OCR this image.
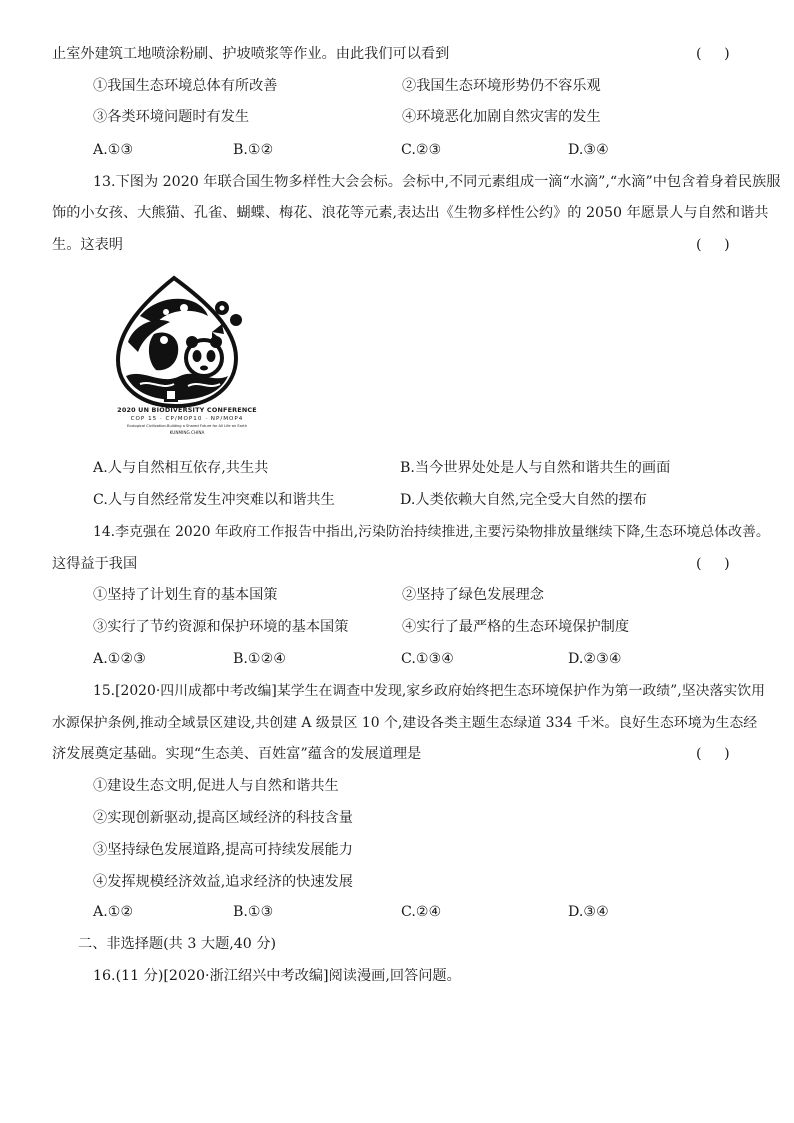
止室外建筑工地喷涂粉刷、护坡喷浆等作业。由此我们可以看到	(     )
①我国生态环境总体有所改善	②我国生态环境形势仍不容乐观
③各类环境问题时有发生	④环境恶化加剧自然灾害的发生
A.①③	B.①②	C.②③	D.③④
13.下图为 2020 年联合国生物多样性大会会标。会标中,不同元素组成一滴“水滴”,“水滴”中包含着身着民族服
饰的小女孩、大熊猫、孔雀、蝴蝶、梅花、浪花等元素,表达出《生物多样性公约》的 2050 年愿景人与自然和谐共
生。这表明	(     )
2020 UN BIODIVERSITY CONFERENCE
COP 15 · CP/MOP10 · NP/MOP4
Ecological Civilization-Building a Shared Future for All Life on Earth
KUNMING CHINA
A.人与自然相互依存,共生共	B.当今世界处处是人与自然和谐共生的画面
C.人与自然经常发生冲突难以和谐共生	D.人类依赖大自然,完全受大自然的摆布
14.李克强在 2020 年政府工作报告中指出,污染防治持续推进,主要污染物排放量继续下降,生态环境总体改善。
这得益于我国	(     )
①坚持了计划生育的基本国策	②坚持了绿色发展理念
③实行了节约资源和保护环境的基本国策	④实行了最严格的生态环境保护制度
A.①②③	B.①②④	C.①③④	D.②③④
15.[2020·四川成都中考改编]某学生在调查中发现,家乡政府始终把生态环境保护作为第一政绩”,坚决落实饮用
水源保护条例,推动全域景区建设,共创建 A 级景区 10 个,建设各类主题生态绿道 334 千米。良好生态环境为生态经
济发展奠定基础。实现“生态美、百姓富”蕴含的发展道理是	(     )
①建设生态文明,促进人与自然和谐共生
②实现创新驱动,提高区域经济的科技含量
③坚持绿色发展道路,提高可持续发展能力
④发挥规模经济效益,追求经济的快速发展
A.①②	B.①③	C.②④	D.③④
二、非选择题(共 3 大题,40 分)
16.(11 分)[2020·浙江绍兴中考改编]阅读漫画,回答问题。
